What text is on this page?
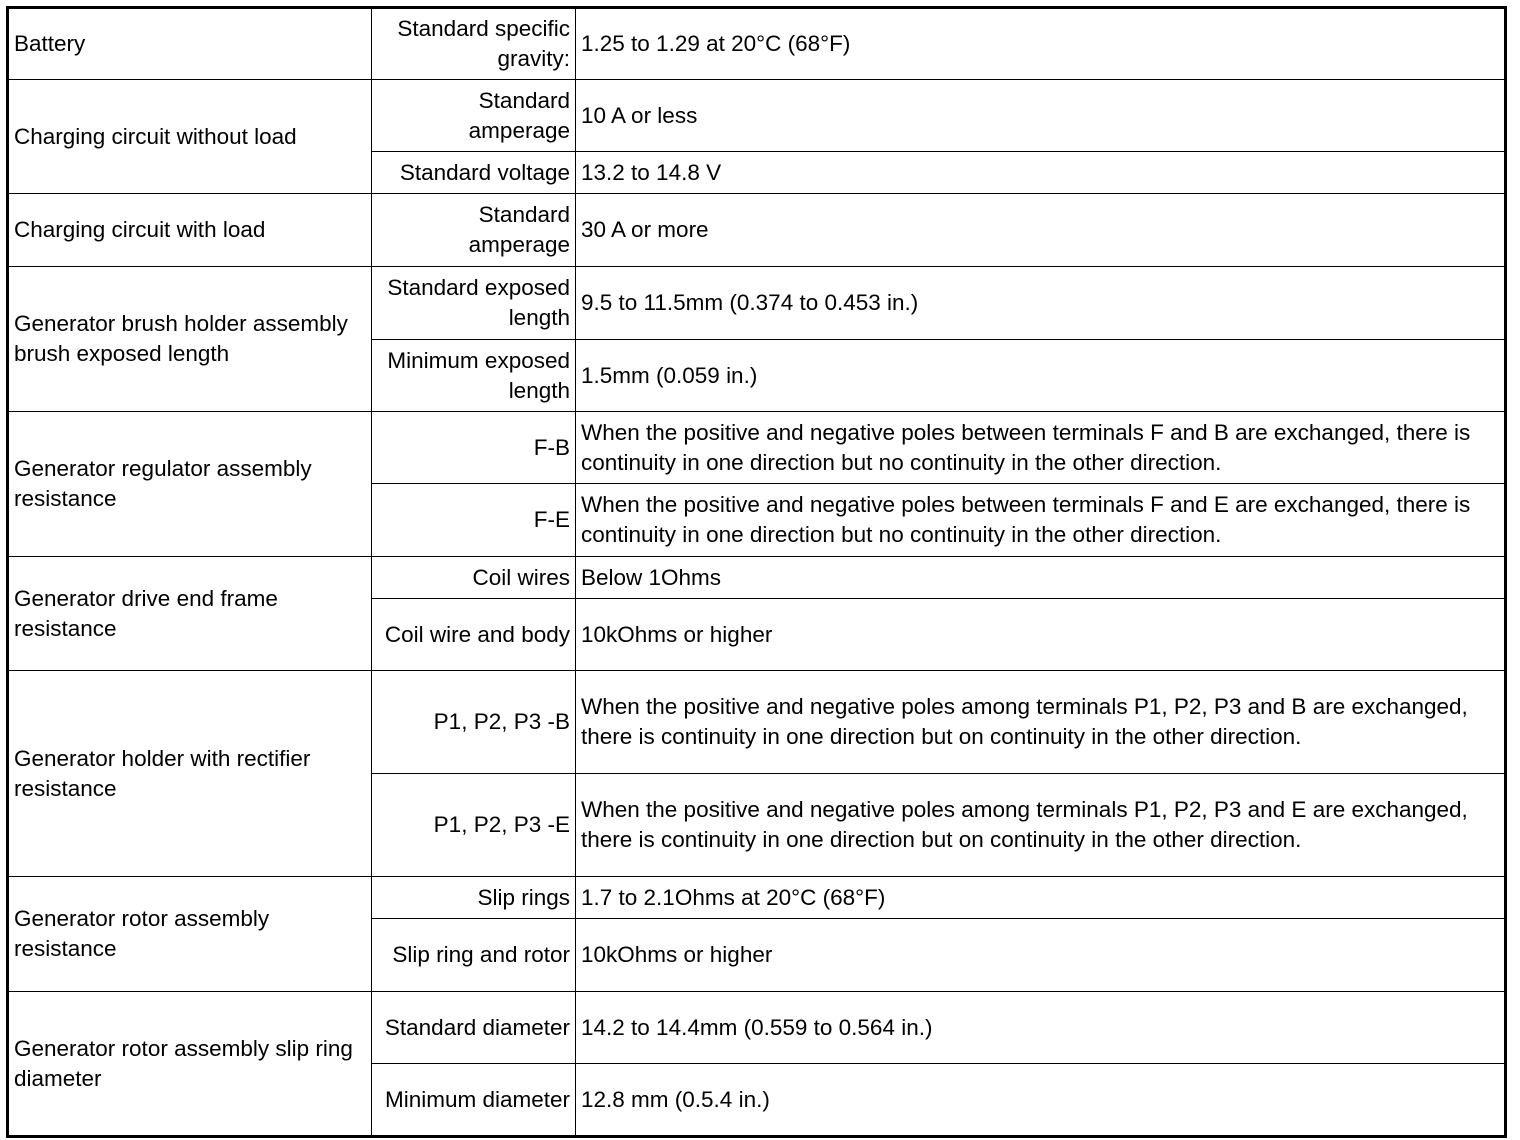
Battery	Standard specific gravity:	1.25 to 1.29 at 20°C (68°F)
Charging circuit without load	Standard amperage	10 A or less
	Standard voltage	13.2 to 14.8 V
Charging circuit with load	Standard amperage	30 A or more
Generator brush holder assembly brush exposed length	Standard exposed length	9.5 to 11.5mm (0.374 to 0.453 in.)
	Minimum exposed length	1.5mm (0.059 in.)
Generator regulator assembly resistance	F-B	When the positive and negative poles between terminals F and B are exchanged, there is continuity in one direction but no continuity in the other direction.
	F-E	When the positive and negative poles between terminals F and E are exchanged, there is continuity in one direction but no continuity in the other direction.
Generator drive end frame resistance	Coil wires	Below 1Ohms
	Coil wire and body	10kOhms or higher
Generator holder with rectifier resistance	P1, P2, P3 -B	When the positive and negative poles among terminals P1, P2, P3 and B are exchanged, there is continuity in one direction but on continuity in the other direction.
	P1, P2, P3 -E	When the positive and negative poles among terminals P1, P2, P3 and E are exchanged, there is continuity in one direction but on continuity in the other direction.
Generator rotor assembly resistance	Slip rings	1.7 to 2.1Ohms at 20°C (68°F)
	Slip ring and rotor	10kOhms or higher
Generator rotor assembly slip ring diameter	Standard diameter	14.2 to 14.4mm (0.559 to 0.564 in.)
	Minimum diameter	12.8 mm (0.5.4 in.)
